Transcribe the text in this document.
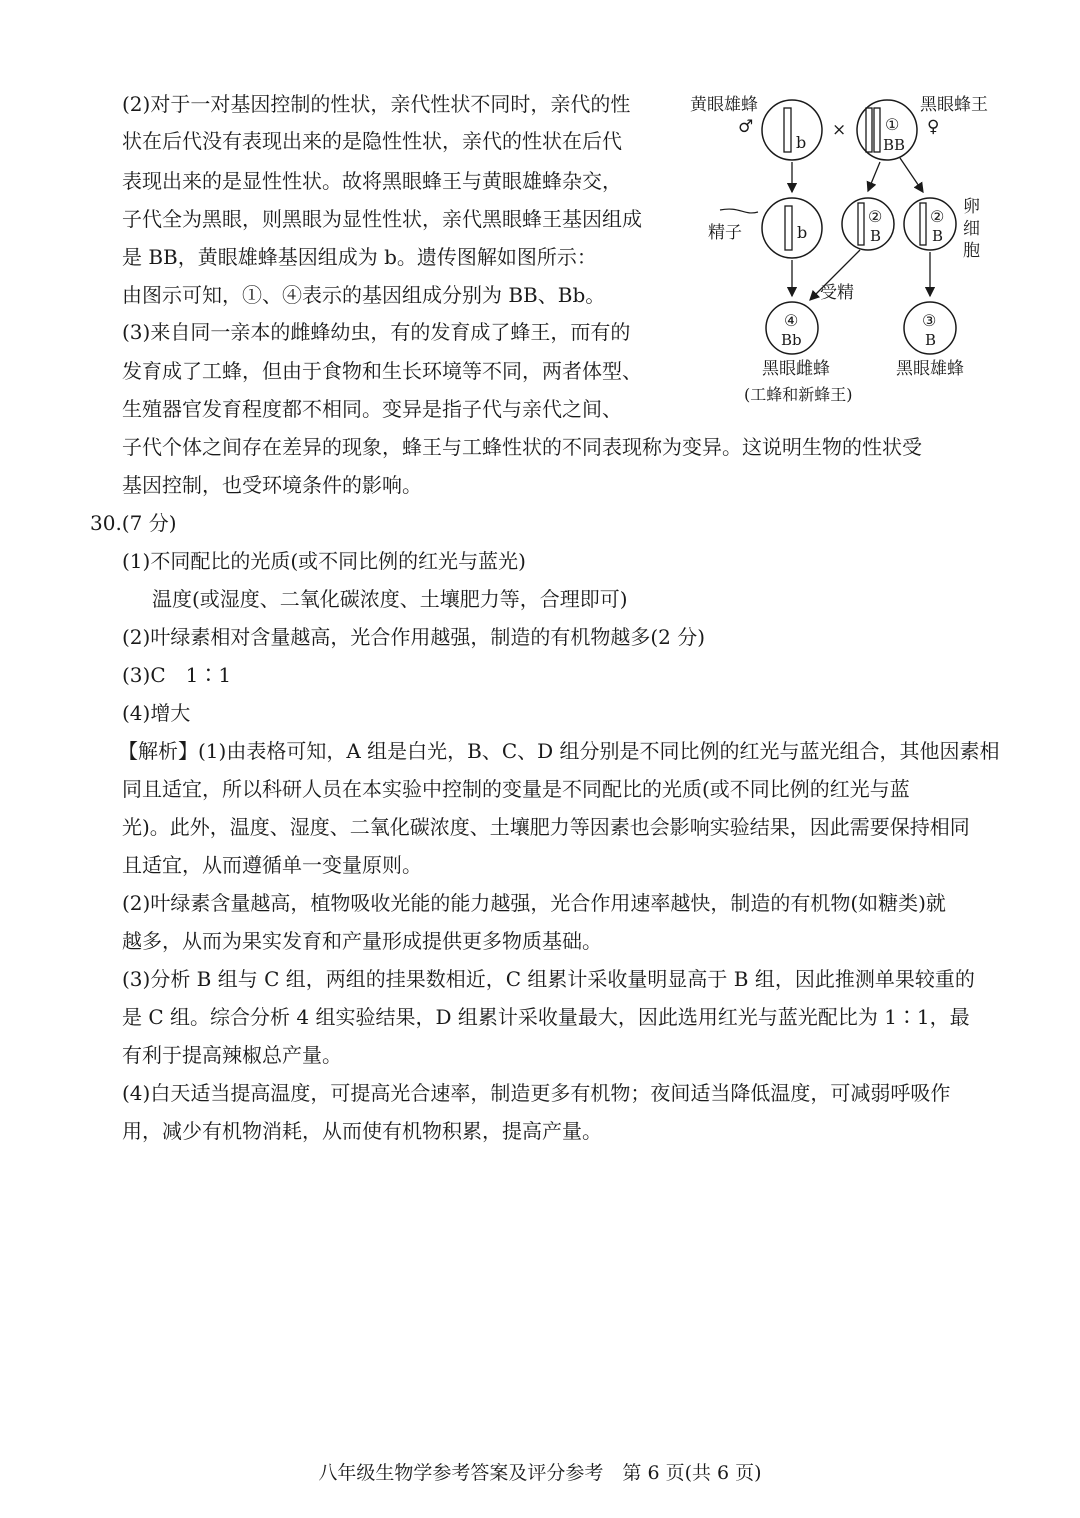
(2)对于一对基因控制的性状，亲代性状不同时，亲代的性
状在后代没有表现出来的是隐性性状，亲代的性状在后代
表现出来的是显性性状。故将黑眼蜂王与黄眼雄蜂杂交，
子代全为黑眼，则黑眼为显性性状，亲代黑眼蜂王基因组成
是 BB，黄眼雄蜂基因组成为 b。遗传图解如图所示：
由图示可知，①、④表示的基因组成分别为 BB、Bb。
(3)来自同一亲本的雌蜂幼虫，有的发育成了蜂王，而有的
发育成了工蜂，但由于食物和生长环境等不同，两者体型、
生殖器官发育程度都不相同。变异是指子代与亲代之间、
子代个体之间存在差异的现象，蜂王与工蜂性状的不同表现称为变异。这说明生物的性状受
基因控制，也受环境条件的影响。
黄眼雄蜂
♂	×
黑眼蜂王
♀
b
①
BB
精子	b
②
B
②
B
卵
细
胞
受精
④
Bb
③
B
黑眼雌蜂
(工蜂和新蜂王)
黑眼雄蜂
30.(7 分)
(1)不同配比的光质(或不同比例的红光与蓝光)
温度(或湿度、二氧化碳浓度、土壤肥力等，合理即可)
(2)叶绿素相对含量越高，光合作用越强，制造的有机物越多(2 分)
(3)C　1∶1
(4)增大
【解析】(1)由表格可知，A 组是白光，B、C、D 组分别是不同比例的红光与蓝光组合，其他因素相
同且适宜，所以科研人员在本实验中控制的变量是不同配比的光质(或不同比例的红光与蓝
光)。此外，温度、湿度、二氧化碳浓度、土壤肥力等因素也会影响实验结果，因此需要保持相同
且适宜，从而遵循单一变量原则。
(2)叶绿素含量越高，植物吸收光能的能力越强，光合作用速率越快，制造的有机物(如糖类)就
越多，从而为果实发育和产量形成提供更多物质基础。
(3)分析 B 组与 C 组，两组的挂果数相近，C 组累计采收量明显高于 B 组，因此推测单果较重的
是 C 组。综合分析 4 组实验结果，D 组累计采收量最大，因此选用红光与蓝光配比为 1∶1，最
有利于提高辣椒总产量。
(4)白天适当提高温度，可提高光合速率，制造更多有机物；夜间适当降低温度，可减弱呼吸作
用，减少有机物消耗，从而使有机物积累，提高产量。
八年级生物学参考答案及评分参考　第 6 页(共 6 页)
